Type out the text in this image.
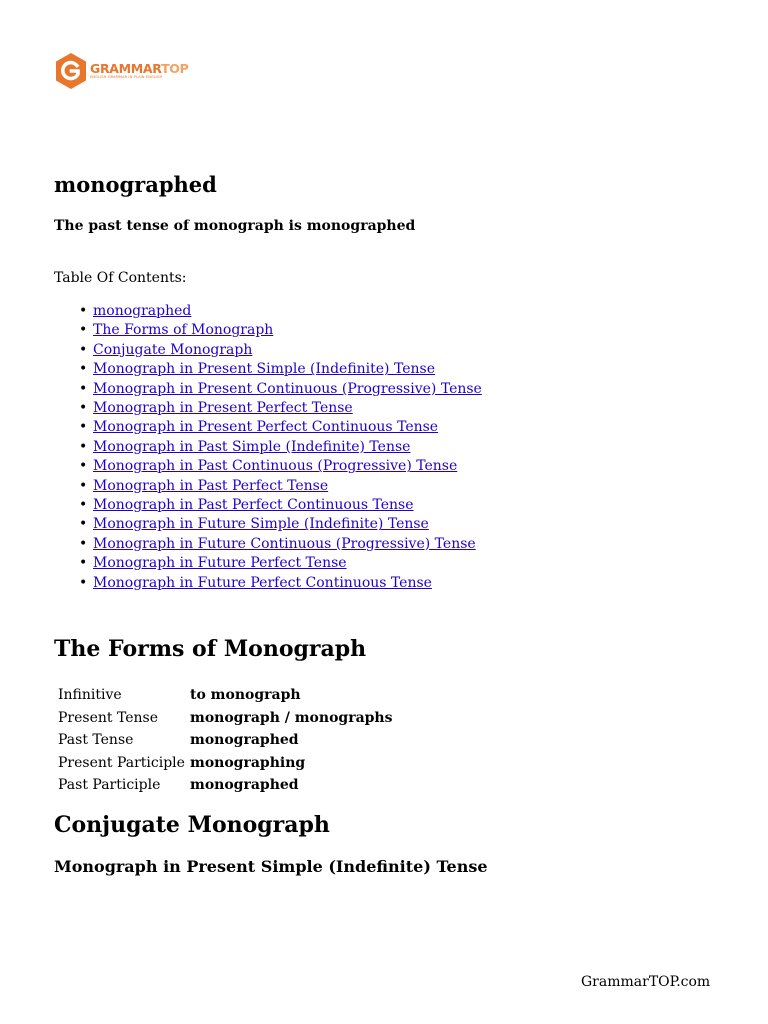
GRAMMARTOP
ENGLISH GRAMMAR IN PLAIN ENGLISH
monographed

The past tense of monograph is monographed

Table Of Contents:

• monographed
• The Forms of Monograph
• Conjugate Monograph
• Monograph in Present Simple (Indefinite) Tense
• Monograph in Present Continuous (Progressive) Tense
• Monograph in Present Perfect Tense
• Monograph in Present Perfect Continuous Tense
• Monograph in Past Simple (Indefinite) Tense
• Monograph in Past Continuous (Progressive) Tense
• Monograph in Past Perfect Tense
• Monograph in Past Perfect Continuous Tense
• Monograph in Future Simple (Indefinite) Tense
• Monograph in Future Continuous (Progressive) Tense
• Monograph in Future Perfect Tense
• Monograph in Future Perfect Continuous Tense
The Forms of Monograph
Infinitive	to monograph
Present Tense	monograph / monographs
Past Tense	monographed
Present Participle	monographing
Past Participle	monographed
Conjugate Monograph
Monograph in Present Simple (Indefinite) Tense

GrammarTOP.com
